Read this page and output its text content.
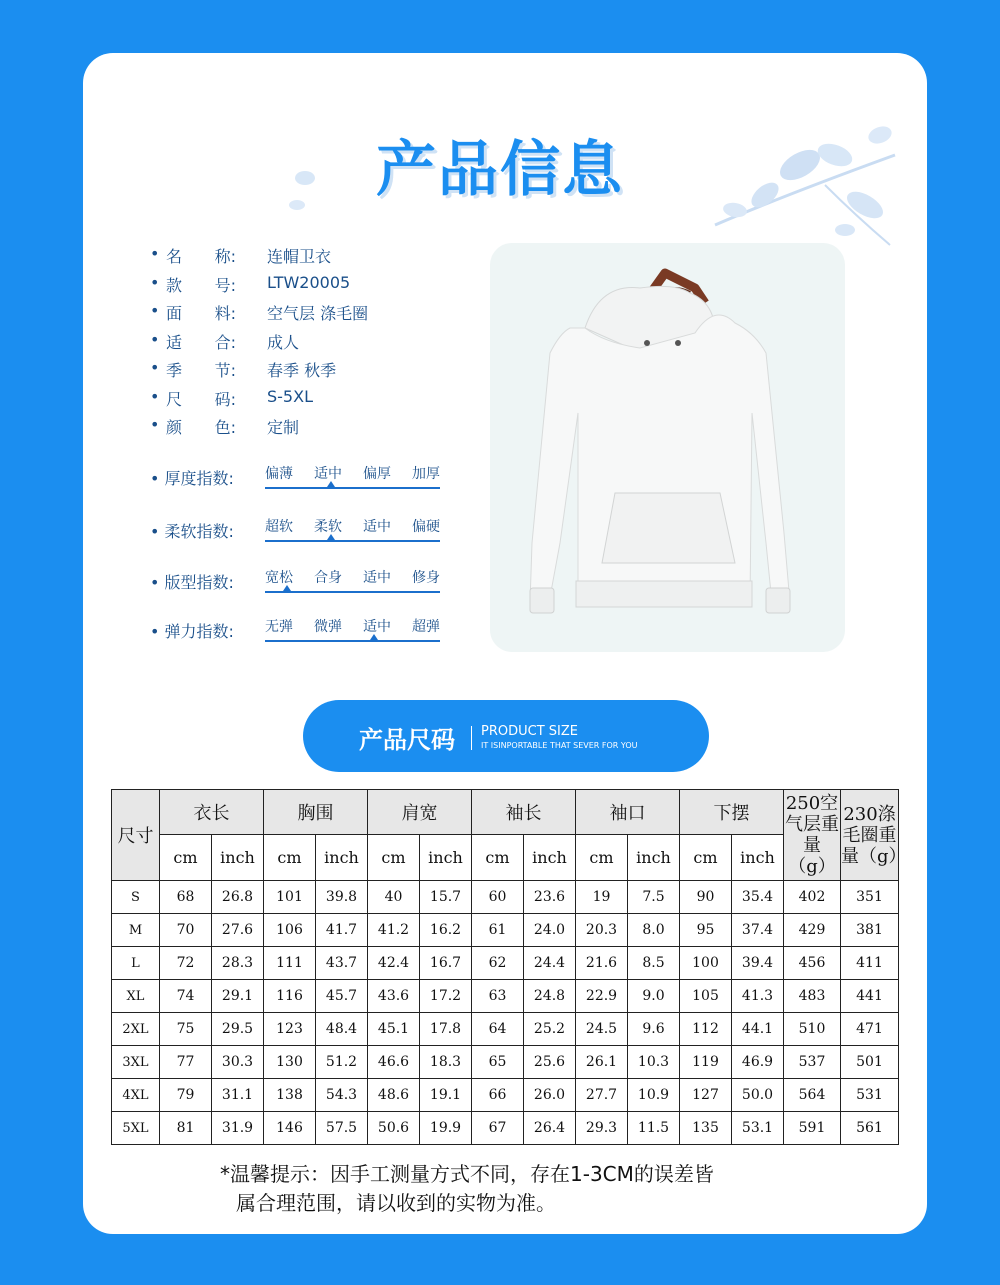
产品信息
• 名 称: 连帽卫衣
• 款 号: LTW20005
• 面 料: 空气层 涤毛圈
• 适 合: 成人
• 季 节: 春季 秋季
• 尺 码: S-5XL
• 颜 色: 定制
• 厚度指数: 偏薄 适中 偏厚 加厚
• 柔软指数: 超软 柔软 适中 偏硬
• 版型指数: 宽松 合身 适中 修身
• 弹力指数: 无弹 微弹 适中 超弹
产品尺码 PRODUCT SIZE
IT ISINPORTABLE THAT SEVER FOR YOU
尺寸	衣长		胸围		肩宽		袖长		袖口		下摆		250空气层重量（g）	230涤毛圈重量（g）
	cm	inch	cm	inch	cm	inch	cm	inch	cm	inch	cm	inch		
S	68	26.8	101	39.8	40	15.7	60	23.6	19	7.5	90	35.4	402	351
M	70	27.6	106	41.7	41.2	16.2	61	24.0	20.3	8.0	95	37.4	429	381
L	72	28.3	111	43.7	42.4	16.7	62	24.4	21.6	8.5	100	39.4	456	411
XL	74	29.1	116	45.7	43.6	17.2	63	24.8	22.9	9.0	105	41.3	483	441
2XL	75	29.5	123	48.4	45.1	17.8	64	25.2	24.5	9.6	112	44.1	510	471
3XL	77	30.3	130	51.2	46.6	18.3	65	25.6	26.1	10.3	119	46.9	537	501
4XL	79	31.1	138	54.3	48.6	19.1	66	26.0	27.7	10.9	127	50.0	564	531
5XL	81	31.9	146	57.5	50.6	19.9	67	26.4	29.3	11.5	135	53.1	591	561
*温馨提示：因手工测量方式不同，存在1-3CM的误差皆
属合理范围，请以收到的实物为准。
